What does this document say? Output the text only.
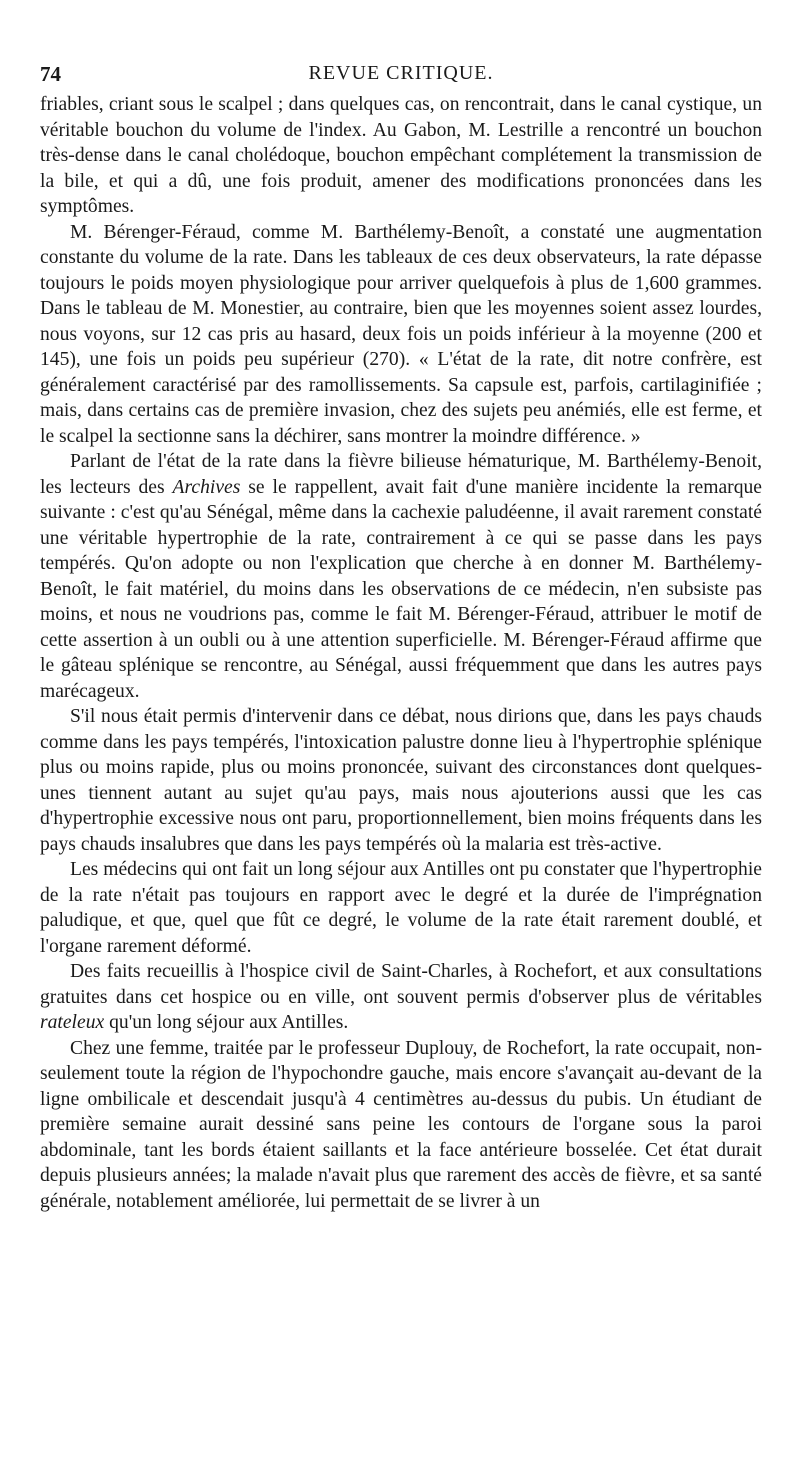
74	REVUE CRITIQUE.

friables, criant sous le scalpel ; dans quelques cas, on rencontrait, dans le canal cystique, un véritable bouchon du volume de l'index. Au Gabon, M. Lestrille a rencontré un bouchon très-dense dans le canal cholédoque, bouchon empêchant complétement la transmission de la bile, et qui a dû, une fois produit, amener des modifications prononcées dans les symptômes.

M. Bérenger-Féraud, comme M. Barthélemy-Benoît, a constaté une augmentation constante du volume de la rate. Dans les tableaux de ces deux observateurs, la rate dépasse toujours le poids moyen physiologique pour arriver quelquefois à plus de 1,600 grammes. Dans le tableau de M. Monestier, au contraire, bien que les moyennes soient assez lourdes, nous voyons, sur 12 cas pris au hasard, deux fois un poids inférieur à la moyenne (200 et 145), une fois un poids peu supérieur (270). « L'état de la rate, dit notre confrère, est généralement caractérisé par des ramollissements. Sa capsule est, parfois, cartilaginifiée ; mais, dans certains cas de première invasion, chez des sujets peu anémiés, elle est ferme, et le scalpel la sectionne sans la déchirer, sans montrer la moindre différence. »

Parlant de l'état de la rate dans la fièvre bilieuse hématurique, M. Barthélemy-Benoit, les lecteurs des Archives se le rappellent, avait fait d'une manière incidente la remarque suivante : c'est qu'au Sénégal, même dans la cachexie paludéenne, il avait rarement constaté une véritable hypertrophie de la rate, contrairement à ce qui se passe dans les pays tempérés. Qu'on adopte ou non l'explication que cherche à en donner M. Barthélemy-Benoît, le fait matériel, du moins dans les observations de ce médecin, n'en subsiste pas moins, et nous ne voudrions pas, comme le fait M. Bérenger-Féraud, attribuer le motif de cette assertion à un oubli ou à une attention superficielle. M. Bérenger-Féraud affirme que le gâteau splénique se rencontre, au Sénégal, aussi fréquemment que dans les autres pays marécageux.

S'il nous était permis d'intervenir dans ce débat, nous dirions que, dans les pays chauds comme dans les pays tempérés, l'intoxication palustre donne lieu à l'hypertrophie splénique plus ou moins rapide, plus ou moins prononcée, suivant des circonstances dont quelques-unes tiennent autant au sujet qu'au pays, mais nous ajouterions aussi que les cas d'hypertrophie excessive nous ont paru, proportionnellement, bien moins fréquents dans les pays chauds insalubres que dans les pays tempérés où la malaria est très-active.

Les médecins qui ont fait un long séjour aux Antilles ont pu constater que l'hypertrophie de la rate n'était pas toujours en rapport avec le degré et la durée de l'imprégnation paludique, et que, quel que fût ce degré, le volume de la rate était rarement doublé, et l'organe rarement déformé.

Des faits recueillis à l'hospice civil de Saint-Charles, à Rochefort, et aux consultations gratuites dans cet hospice ou en ville, ont souvent permis d'observer plus de véritables rateleux qu'un long séjour aux Antilles.

Chez une femme, traitée par le professeur Duplouy, de Rochefort, la rate occupait, non-seulement toute la région de l'hypochondre gauche, mais encore s'avançait au-devant de la ligne ombilicale et descendait jusqu'à 4 centimètres au-dessus du pubis. Un étudiant de première semaine aurait dessiné sans peine les contours de l'organe sous la paroi abdominale, tant les bords étaient saillants et la face antérieure bosselée. Cet état durait depuis plusieurs années; la malade n'avait plus que rarement des accès de fièvre, et sa santé générale, notablement améliorée, lui permettait de se livrer à un
